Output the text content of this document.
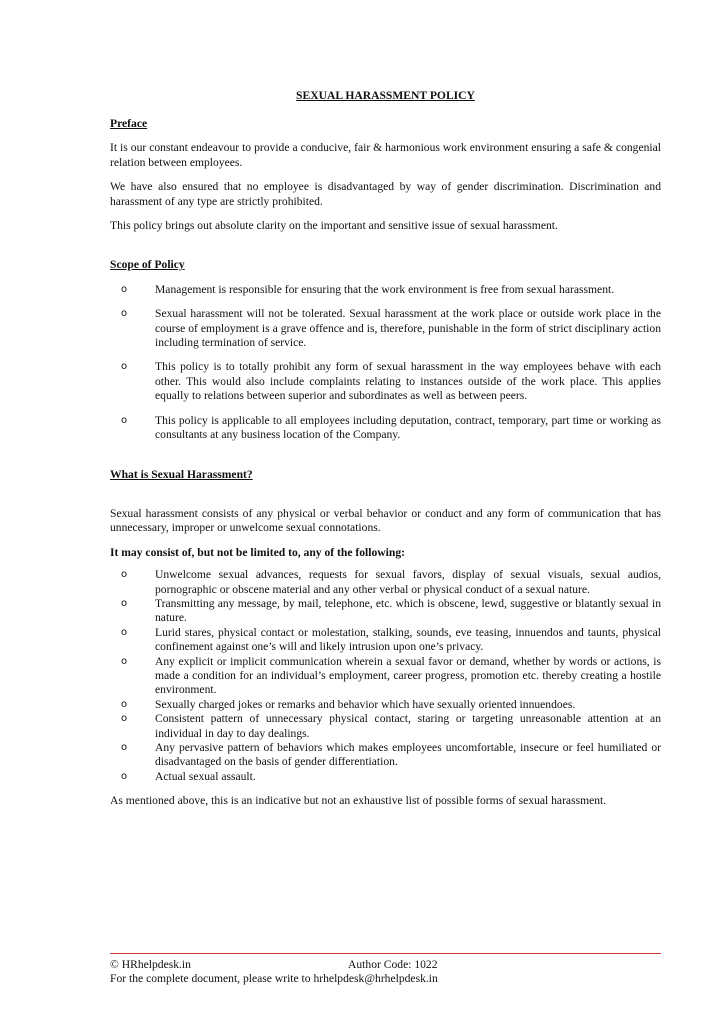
SEXUAL HARASSMENT POLICY

Preface

It is our constant endeavour to provide a conducive, fair & harmonious work environment ensuring a safe & congenial relation between employees.

We have also ensured that no employee is disadvantaged by way of gender discrimination. Discrimination and harassment of any type are strictly prohibited.

This policy brings out absolute clarity on the important and sensitive issue of sexual harassment.

Scope of Policy

o Management is responsible for ensuring that the work environment is free from sexual harassment.
o Sexual harassment will not be tolerated. Sexual harassment at the work place or outside work place in the course of employment is a grave offence and is, therefore, punishable in the form of strict disciplinary action including termination of service.
o This policy is to totally prohibit any form of sexual harassment in the way employees behave with each other. This would also include complaints relating to instances outside of the work place. This applies equally to relations between superior and subordinates as well as between peers.
o This policy is applicable to all employees including deputation, contract, temporary, part time or working as consultants at any business location of the Company.

What is Sexual Harassment?

Sexual harassment consists of any physical or verbal behavior or conduct and any form of communication that has unnecessary, improper or unwelcome sexual connotations.

It may consist of, but not be limited to, any of the following:

o Unwelcome sexual advances, requests for sexual favors, display of sexual visuals, sexual audios, pornographic or obscene material and any other verbal or physical conduct of a sexual nature.
o Transmitting any message, by mail, telephone, etc. which is obscene, lewd, suggestive or blatantly sexual in nature.
o Lurid stares, physical contact or molestation, stalking, sounds, eve teasing, innuendos and taunts, physical confinement against one’s will and likely intrusion upon one’s privacy.
o Any explicit or implicit communication wherein a sexual favor or demand, whether by words or actions, is made a condition for an individual’s employment, career progress, promotion etc. thereby creating a hostile environment.
o Sexually charged jokes or remarks and behavior which have sexually oriented innuendoes.
o Consistent pattern of unnecessary physical contact, staring or targeting unreasonable attention at an individual in day to day dealings.
o Any pervasive pattern of behaviors which makes employees uncomfortable, insecure or feel humiliated or disadvantaged on the basis of gender differentiation.
o Actual sexual assault.

As mentioned above, this is an indicative but not an exhaustive list of possible forms of sexual harassment.

© HRhelpdesk.in	Author Code: 1022
For the complete document, please write to hrhelpdesk@hrhelpdesk.in
